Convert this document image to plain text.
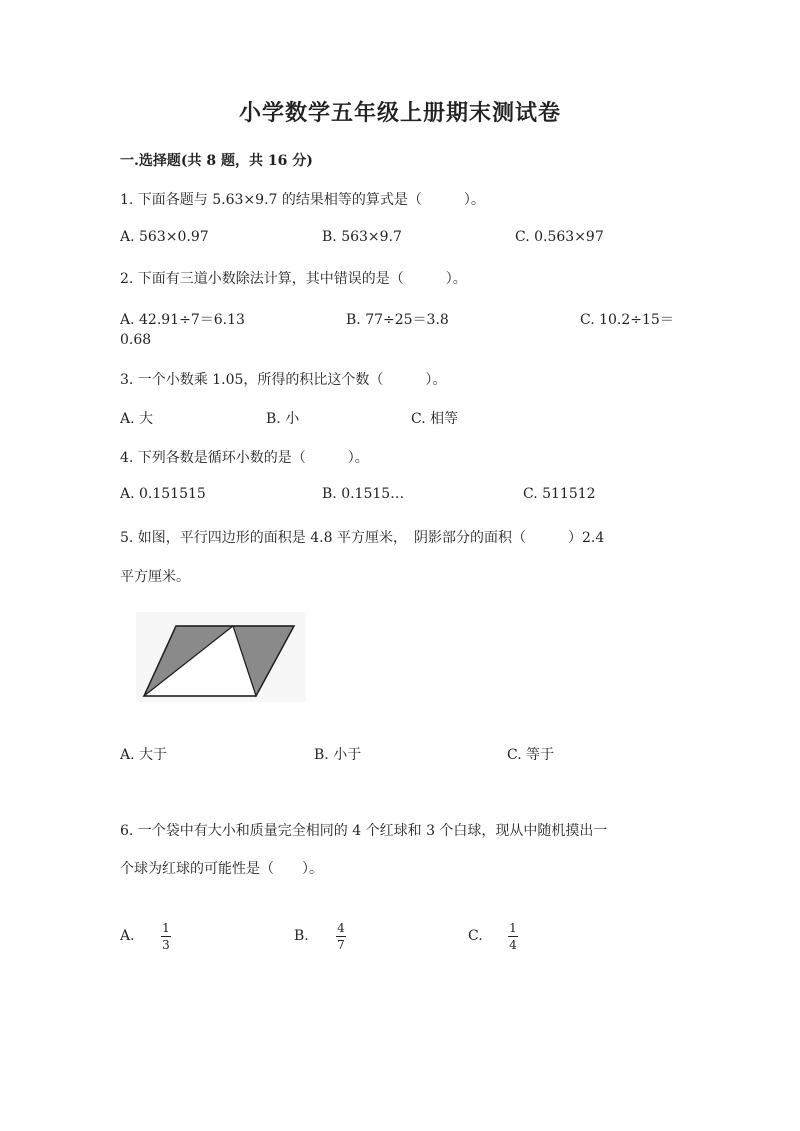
小学数学五年级上册期末测试卷
一.选择题(共 8 题，共 16 分)
1. 下面各题与 5.63×9.7 的结果相等的算式是（　　　）。
A. 563×0.97	B. 563×9.7	C. 0.563×97
2. 下面有三道小数除法计算，其中错误的是（　　　）。
A. 42.91÷7＝6.13	B. 77÷25＝3.8	C. 10.2÷15＝
0.68
3. 一个小数乘 1.05，所得的积比这个数（　　　）。
A. 大	B. 小	C. 相等
4. 下列各数是循环小数的是（　　　）。
A. 0.151515	B. 0.1515…	C. 511512
5. 如图，平行四边形的面积是 4.8 平方厘米，　阴影部分的面积（　　　）2.4
平方厘米。
A. 大于	B. 小于	C. 等于
6. 一个袋中有大小和质量完全相同的 4 个红球和 3 个白球，现从中随机摸出一
个球为红球的可能性是（　　）。
A. 1
3
B. 4
7
C. 1
4
